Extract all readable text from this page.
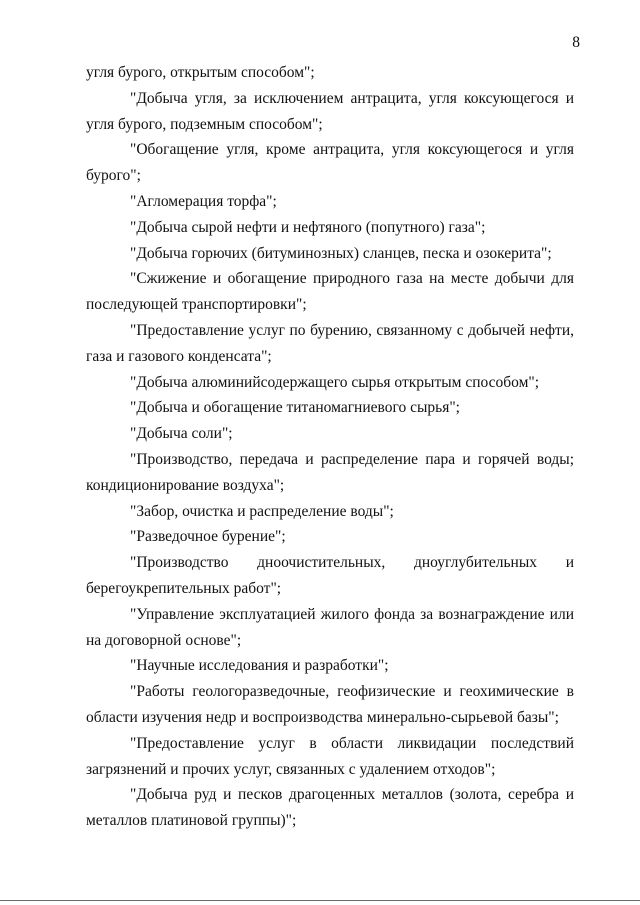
8

угля бурого, открытым способом";

"Добыча угля, за исключением антрацита, угля коксующегося и угля бурого, подземным способом";

"Обогащение угля, кроме антрацита, угля коксующегося и угля бурого";

"Агломерация торфа";

"Добыча сырой нефти и нефтяного (попутного) газа";

"Добыча горючих (битуминозных) сланцев, песка и озокерита";

"Сжижение и обогащение природного газа на месте добычи для последующей транспортировки";

"Предоставление услуг по бурению, связанному с добычей нефти, газа и газового конденсата";

"Добыча алюминийсодержащего сырья открытым способом";

"Добыча и обогащение титаномагниевого сырья";

"Добыча соли";

"Производство, передача и распределение пара и горячей воды; кондиционирование воздуха";

"Забор, очистка и распределение воды";

"Разведочное бурение";

"Производство дноочистительных, дноуглубительных и берегоукрепительных работ";

"Управление эксплуатацией жилого фонда за вознаграждение или на договорной основе";

"Научные исследования и разработки";

"Работы геологоразведочные, геофизические и геохимические в области изучения недр и воспроизводства минерально-сырьевой базы";

"Предоставление услуг в области ликвидации последствий загрязнений и прочих услуг, связанных с удалением отходов";

"Добыча руд и песков драгоценных металлов (золота, серебра и металлов платиновой группы)";
